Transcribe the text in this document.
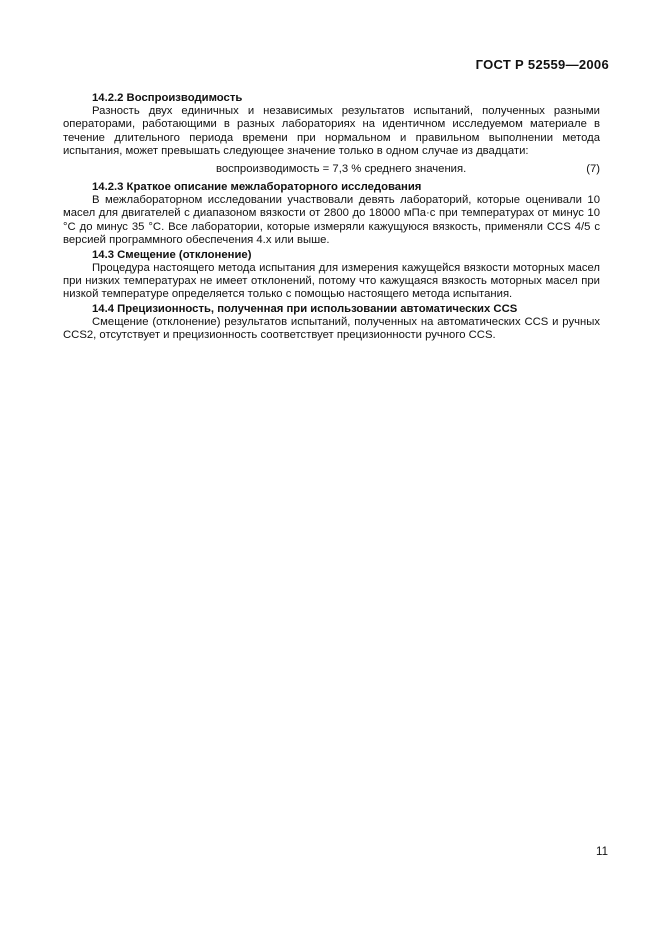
ГОСТ Р 52559—2006
14.2.2 Воспроизводимость

Разность двух единичных и независимых результатов испытаний, полученных разными операторами, работающими в разных лабораториях на идентичном исследуемом материале в течение длительного периода времени при нормальном и правильном выполнении метода испытания, может превышать следующее значение только в одном случае из двадцати:

воспроизводимость = 7,3 % среднего значения.	(7)
14.2.3 Краткое описание межлабораторного исследования

В межлабораторном исследовании участвовали девять лабораторий, которые оценивали 10 масел для двигателей с диапазоном вязкости от 2800 до 18000 мПа·с при температурах от минус 10 °С до минус 35 °С. Все лаборатории, которые измеряли кажущуюся вязкость, применяли CCS 4/5 с версией программного обеспечения 4.х или выше.

14.3 Смещение (отклонение)

Процедура настоящего метода испытания для измерения кажущейся вязкости моторных масел при низких температурах не имеет отклонений, потому что кажущаяся вязкость моторных масел при низкой температуре определяется только с помощью настоящего метода испытания.

14.4 Прецизионность, полученная при использовании автоматических CCS

Смещение (отклонение) результатов испытаний, полученных на автоматических CCS и ручных CCS2, отсутствует и прецизионность соответствует прецизионности ручного CCS.

11
